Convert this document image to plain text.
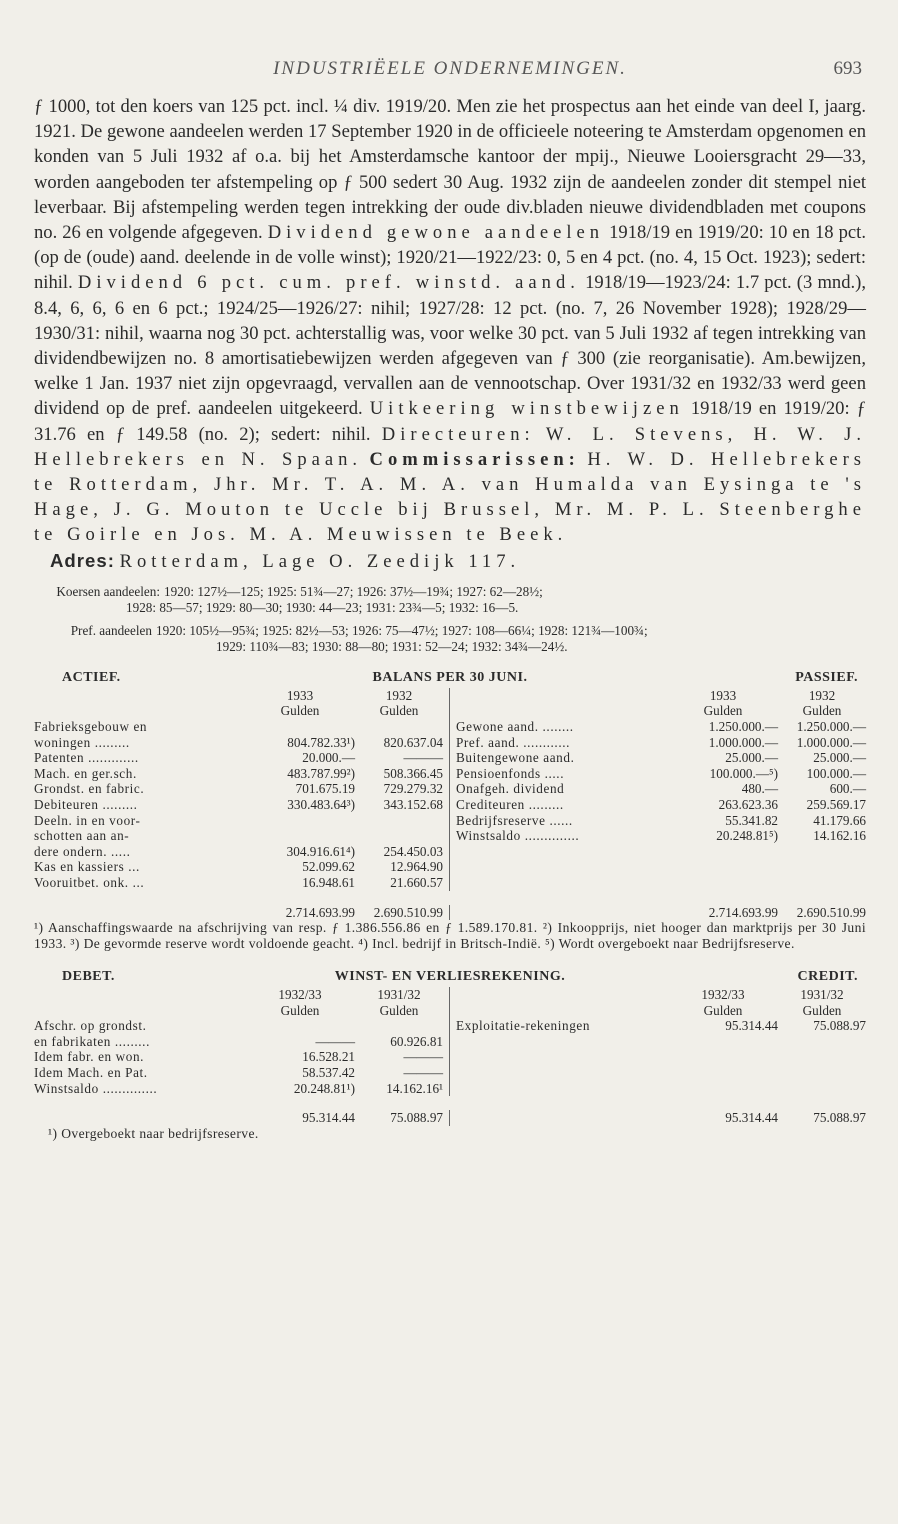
INDUSTRIËELE ONDERNEMINGEN.	693

ƒ 1000, tot den koers van 125 pct. incl. ¼ div. 1919/20. Men zie het prospectus aan het einde van deel I, jaarg. 1921. De gewone aandeelen werden 17 September 1920 in de officieele noteering te Amsterdam opgenomen en konden van 5 Juli 1932 af o.a. bij het Amsterdamsche kantoor der mpij., Nieuwe Looiersgracht 29—33, worden aangeboden ter afstempeling op ƒ 500 sedert 30 Aug. 1932 zijn de aandeelen zonder dit stempel niet leverbaar. Bij afstempeling werden tegen intrekking der oude div.bladen nieuwe dividendbladen met coupons no. 26 en volgende afgegeven. Dividend gewone aandeelen 1918/19 en 1919/20: 10 en 18 pct. (op de (oude) aand. deelende in de volle winst); 1920/21—1922/23: 0, 5 en 4 pct. (no. 4, 15 Oct. 1923); sedert: nihil. Dividend 6 pct. cum. pref. winstd. aand. 1918/19—1923/24: 1.7 pct. (3 mnd.), 8.4, 6, 6, 6 en 6 pct.; 1924/25—1926/27: nihil; 1927/28: 12 pct. (no. 7, 26 November 1928); 1928/29—1930/31: nihil, waarna nog 30 pct. achterstallig was, voor welke 30 pct. van 5 Juli 1932 af tegen intrekking van dividendbewijzen no. 8 amortisatiebewijzen werden afgegeven van ƒ 300 (zie reorganisatie). Am.bewijzen, welke 1 Jan. 1937 niet zijn opgevraagd, vervallen aan de vennootschap. Over 1931/32 en 1932/33 werd geen dividend op de pref. aandeelen uitgekeerd. Uitkeering winstbewijzen 1918/19 en 1919/20: ƒ 31.76 en ƒ 149.58 (no. 2); sedert: nihil. Directeuren: W. L. Stevens, H. W. J. Hellebrekers en N. Spaan. Commissarissen: H. W. D. Hellebrekers te Rotterdam, Jhr. Mr. T. A. M. A. van Humalda van Eysinga te 's Hage, J. G. Mouton te Uccle bij Brussel, Mr. M. P. L. Steenberghe te Goirle en Jos. M. A. Meuwissen te Beek.

Adres: Rotterdam, Lage O. Zeedijk 117.

Koersen aandeelen: 1920: 127½—125; 1925: 51¾—27; 1926: 37½—19¾; 1927: 62—28½;
1928: 85—57; 1929: 80—30; 1930: 44—23; 1931: 23¾—5; 1932: 16—5.
Pref. aandeelen 1920: 105½—95¾; 1925: 82½—53; 1926: 75—47½; 1927: 108—66¼; 1928: 121¾—100¾;
1929: 110¾—83; 1930: 88—80; 1931: 52—24; 1932: 34¾—24½.
ACTIEF.	BALANS PER 30 JUNI.	PASSIEF.
1933	1932
Gulden	Gulden
Fabrieksgebouw en
woningen .........	804.782.33¹)	820.637.04
Patenten .............	20.000.—	———
Mach. en ger.sch.	483.787.99²)	508.366.45
Grondst. en fabric.	701.675.19	729.279.32
Debiteuren .........	330.483.64³)	343.152.68
Deeln. in en voor-
schotten aan an-
dere ondern. .....	304.916.61⁴)	254.450.03
Kas en kassiers ...	52.099.62	12.964.90
Vooruitbet. onk. ...	16.948.61	21.660.57
1933	1932
Gulden	Gulden
Gewone aand. ........	1.250.000.—	1.250.000.—
Pref. aand. ............	1.000.000.—	1.000.000.—
Buitengewone aand.	25.000.—	25.000.—
Pensioenfonds .....	100.000.—⁵)	100.000.—
Onafgeh. dividend	480.—	600.—
Crediteuren .........	263.623.36	259.569.17
Bedrijfsreserve ......	55.341.82	41.179.66
Winstsaldo ..............	20.248.81⁵)	14.162.16
2.714.693.99	2.690.510.99	2.714.693.99	2.690.510.99

¹) Aanschaffingswaarde na afschrijving van resp. ƒ 1.386.556.86 en ƒ 1.589.170.81. ²) Inkoopprijs, niet hooger dan marktprijs per 30 Juni 1933. ³) De gevormde reserve wordt voldoende geacht. ⁴) Incl. bedrijf in Britsch-Indië. ⁵) Wordt overgeboekt naar Bedrijfsreserve.

DEBET.	WINST- EN VERLIESREKENING.	CREDIT.
1932/33	1931/32
Gulden	Gulden
Afschr. op grondst.
en fabrikaten .........	———	60.926.81
Idem fabr. en won.	16.528.21	———
Idem Mach. en Pat.	58.537.42	———
Winstsaldo ..............	20.248.81¹)	14.162.16¹
1932/33	1931/32
Gulden	Gulden
Exploitatie-rekeningen	95.314.44	75.088.97
95.314.44	75.088.97	95.314.44	75.088.97

¹) Overgeboekt naar bedrijfsreserve.
